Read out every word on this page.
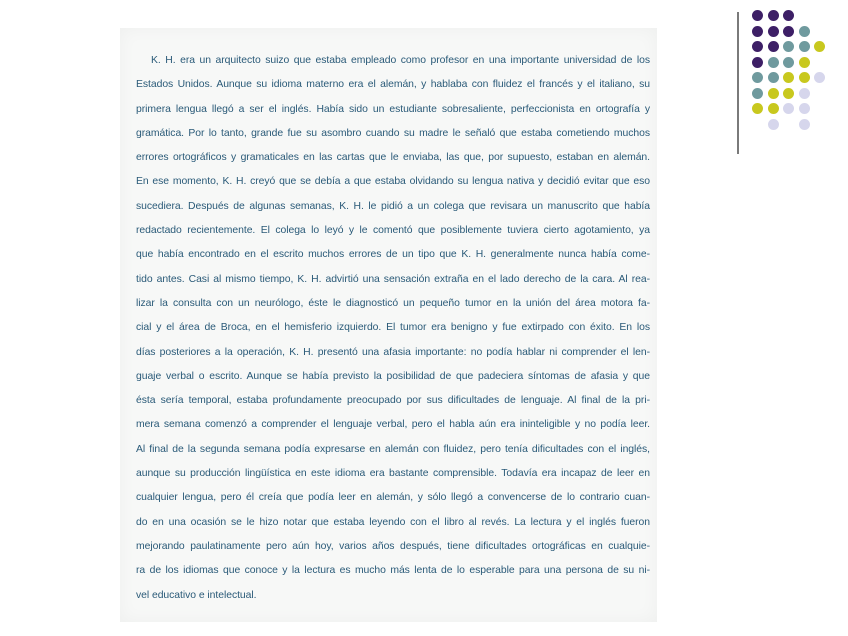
K. H. era un arquitecto suizo que estaba empleado como profesor en una importante universidad de los
Estados Unidos. Aunque su idioma materno era el alemán, y hablaba con fluidez el francés y el italiano, su
primera lengua llegó a ser el inglés. Había sido un estudiante sobresaliente, perfeccionista en ortografía y
gramática. Por lo tanto, grande fue su asombro cuando su madre le señaló que estaba cometiendo muchos
errores ortográficos y gramaticales en las cartas que le enviaba, las que, por supuesto, estaban en alemán.
En ese momento, K. H. creyó que se debía a que estaba olvidando su lengua nativa y decidió evitar que eso
sucediera. Después de algunas semanas, K. H. le pidió a un colega que revisara un manuscrito que había
redactado recientemente. El colega lo leyó y le comentó que posiblemente tuviera cierto agotamiento, ya
que había encontrado en el escrito muchos errores de un tipo que K. H. generalmente nunca había come-
tido antes. Casi al mismo tiempo, K. H. advirtió una sensación extraña en el lado derecho de la cara. Al rea-
lizar la consulta con un neurólogo, éste le diagnosticó un pequeño tumor en la unión del área motora fa-
cial y el área de Broca, en el hemisferio izquierdo. El tumor era benigno y fue extirpado con éxito. En los
días posteriores a la operación, K. H. presentó una afasia importante: no podía hablar ni comprender el len-
guaje verbal o escrito. Aunque se había previsto la posibilidad de que padeciera síntomas de afasia y que
ésta sería temporal, estaba profundamente preocupado por sus dificultades de lenguaje. Al final de la pri-
mera semana comenzó a comprender el lenguaje verbal, pero el habla aún era ininteligible y no podía leer.
Al final de la segunda semana podía expresarse en alemán con fluidez, pero tenía dificultades con el inglés,
aunque su producción lingüística en este idioma era bastante comprensible. Todavía era incapaz de leer en
cualquier lengua, pero él creía que podía leer en alemán, y sólo llegó a convencerse de lo contrario cuan-
do en una ocasión se le hizo notar que estaba leyendo con el libro al revés. La lectura y el inglés fueron
mejorando paulatinamente pero aún hoy, varios años después, tiene dificultades ortográficas en cualquie-
ra de los idiomas que conoce y la lectura es mucho más lenta de lo esperable para una persona de su ni-
vel educativo e intelectual.
